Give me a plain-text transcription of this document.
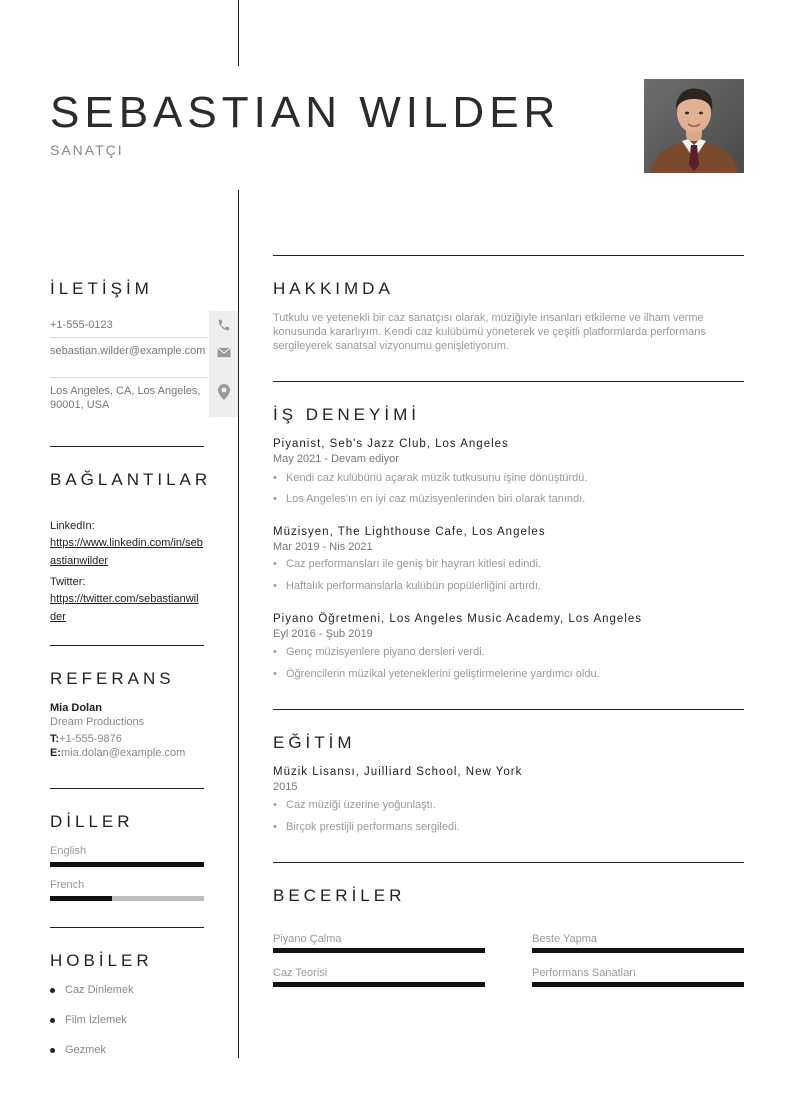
SEBASTIAN WILDER
SANATÇI
İLETİŞİM
+1-555-0123
sebastian.wilder@example.com
Los Angeles, CA, Los Angeles, 90001, USA
BAĞLANTILAR
LinkedIn:
https://www.linkedin.com/in/sebastianwilder
Twitter:
https://twitter.com/sebastianwilder
REFERANS
Mia Dolan
Dream Productions
T:+1-555-9876
E:mia.dolan@example.com
DİLLER
English
French
HOBİLER
Caz Dinlemek
Film İzlemek
Gezmek
HAKKIMDA

Tutkulu ve yetenekli bir caz sanatçısı olarak, müziğiyle insanları etkileme ve ilham verme konusunda kararlıyım. Kendi caz kulübümü yöneterek ve çeşitli platformlarda performans sergileyerek sanatsal vizyonumu genişletiyorum.

İŞ DENEYİMİ
Piyanist, Seb's Jazz Club, Los Angeles
May 2021 - Devam ediyor
• Kendi caz kulübünü açarak müzik tutkusunu işine dönüştürdü.
• Los Angeles'ın en iyi caz müzisyenlerinden biri olarak tanındı.
Müzisyen, The Lighthouse Cafe, Los Angeles
Mar 2019 - Nis 2021
• Caz performansları ile geniş bir hayran kitlesi edindi.
• Haftalık performanslarla kulübün popülerliğini artırdı.
Piyano Öğretmeni, Los Angeles Music Academy, Los Angeles
Eyl 2016 - Şub 2019
• Genç müzisyenlere piyano dersleri verdi.
• Öğrencilerin müzikal yeteneklerini geliştirmelerine yardımcı oldu.
EĞİTİM
Müzik Lisansı, Juilliard School, New York
2015
• Caz müziği üzerine yoğunlaştı.
• Birçok prestijli performans sergiledi.
BECERİLER
Piyano Çalma	Beste Yapma
Caz Teorisi	Performans Sanatları
